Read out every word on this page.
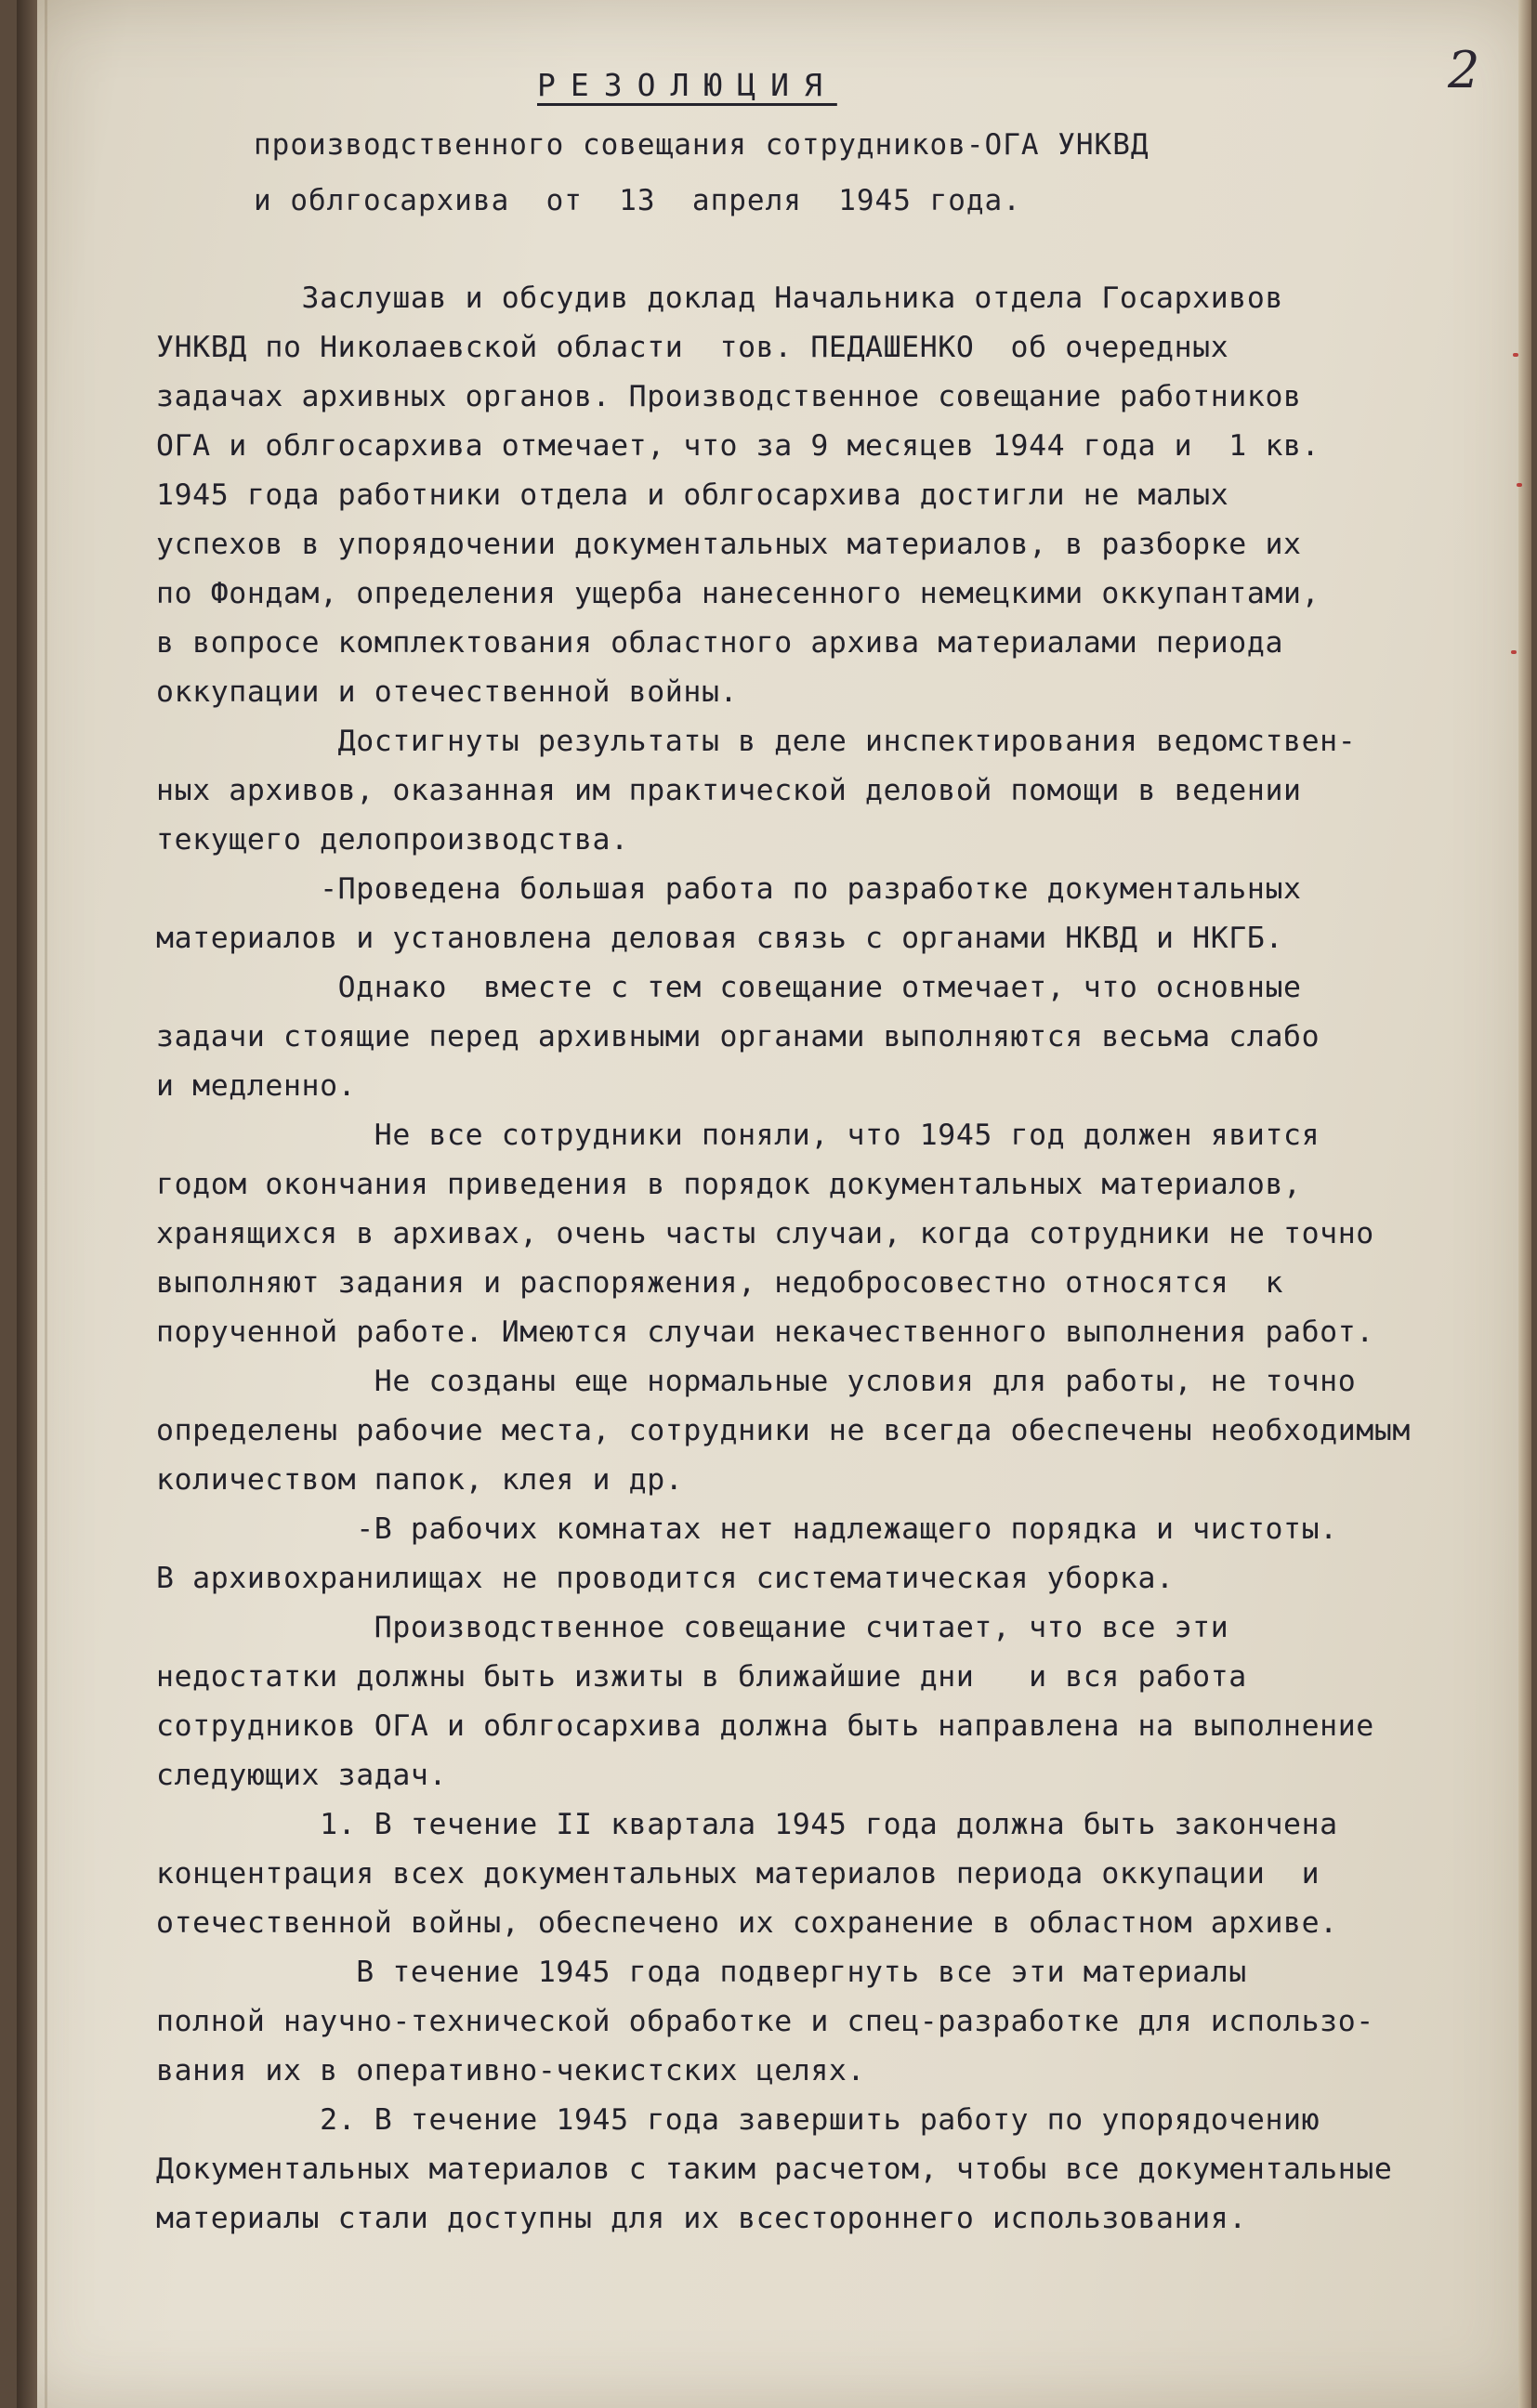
2
РЕЗОЛЮЦИЯ
производственного совещания сотрудников-ОГА УНКВД
и облгосархива  от  13  апреля  1945 года.
Заслушав и обсудив доклад Начальника отдела Госархивов
УНКВД по Николаевской области  тов. ПЕДАШЕНКО  об очередных
задачах архивных органов. Производственное совещание работников
ОГА и облгосархива отмечает, что за 9 месяцев 1944 года и  1 кв.
1945 года работники отдела и облгосархива достигли не малых
успехов в упорядочении документальных материалов, в разборке их
по Фондам, определения ущерба нанесенного немецкими оккупантами,
в вопросе комплектования областного архива материалами периода
оккупации и отечественной войны.
Достигнуты результаты в деле инспектирования ведомствен-
ных архивов, оказанная им практической деловой помощи в ведении
текущего делопроизводства.
-Проведена большая работа по разработке документальных
материалов и установлена деловая связь с органами НКВД и НКГБ.
Однако  вместе с тем совещание отмечает, что основные
задачи стоящие перед архивными органами выполняются весьма слабо
и медленно.
Не все сотрудники поняли, что 1945 год должен явится
годом окончания приведения в порядок документальных материалов,
хранящихся в архивах, очень часты случаи, когда сотрудники не точно
выполняют задания и распоряжения, недобросовестно относятся  к
порученной работе. Имеются случаи некачественного выполнения работ.
Не созданы еще нормальные условия для работы, не точно
определены рабочие места, сотрудники не всегда обеспечены необходимым
количеством папок, клея и др.
-В рабочих комнатах нет надлежащего порядка и чистоты.
В архивохранилищах не проводится систематическая уборка.
Производственное совещание считает, что все эти
недостатки должны быть изжиты в ближайшие дни   и вся работа
сотрудников ОГА и облгосархива должна быть направлена на выполнение
следующих задач.
1. В течение II квартала 1945 года должна быть закончена
концентрация всех документальных материалов периода оккупации  и
отечественной войны, обеспечено их сохранение в областном архиве.
В течение 1945 года подвергнуть все эти материалы
полной научно-технической обработке и спец-разработке для использо-
вания их в оперативно-чекистских целях.
2. В течение 1945 года завершить работу по упорядочению
Документальных материалов с таким расчетом, чтобы все документальные
материалы стали доступны для их всестороннего использования.
